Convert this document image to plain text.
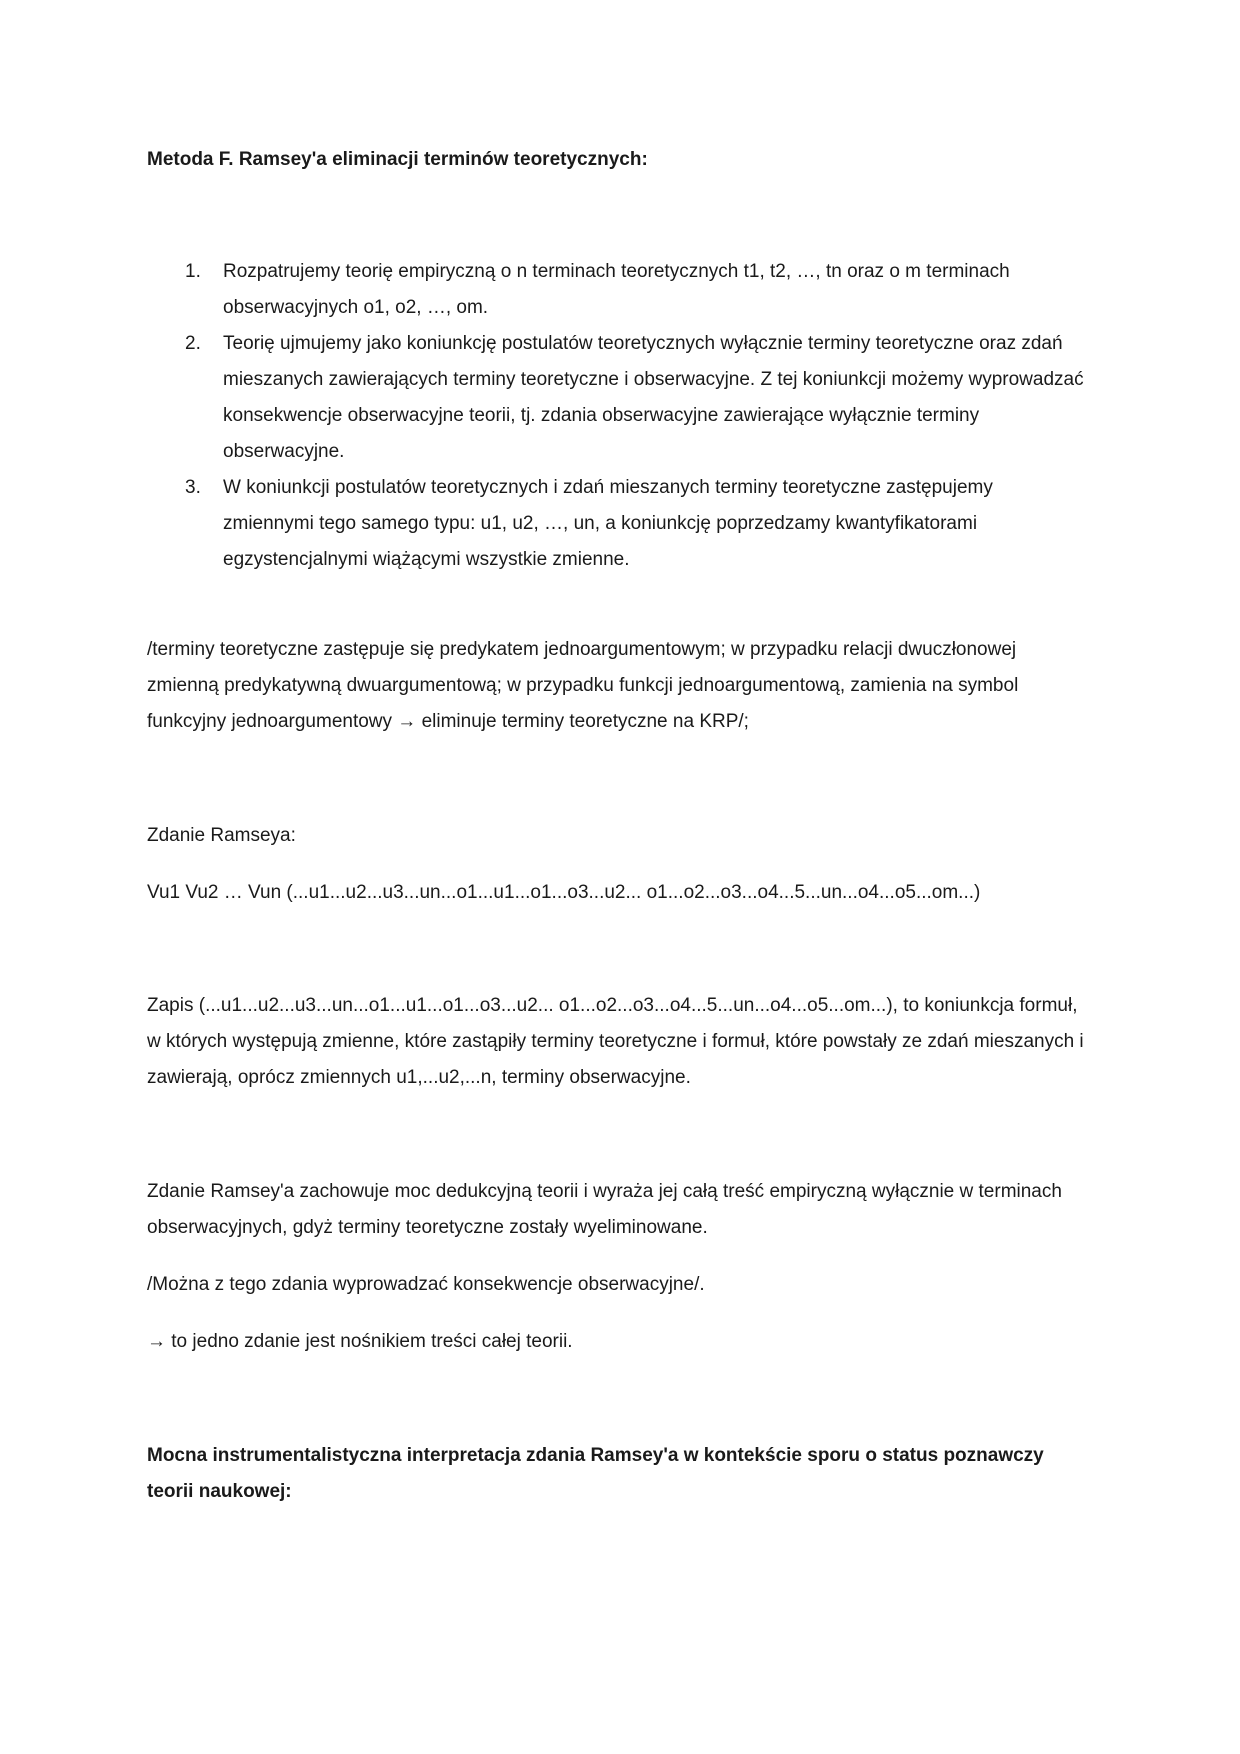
Metoda F. Ramsey'a eliminacji terminów teoretycznych:

1. Rozpatrujemy teorię empiryczną o n terminach teoretycznych t1, t2, …, tn oraz o m terminach obserwacyjnych o1, o2, …, om.
2. Teorię ujmujemy jako koniunkcję postulatów teoretycznych wyłącznie terminy teoretyczne oraz zdań mieszanych zawierających terminy teoretyczne i obserwacyjne. Z tej koniunkcji możemy wyprowadzać konsekwencje obserwacyjne teorii, tj. zdania obserwacyjne zawierające wyłącznie terminy obserwacyjne.
3. W koniunkcji postulatów teoretycznych i zdań mieszanych terminy teoretyczne zastępujemy zmiennymi tego samego typu: u1, u2, …, un, a koniunkcję poprzedzamy kwantyfikatorami egzystencjalnymi wiążącymi wszystkie zmienne.

/terminy teoretyczne zastępuje się predykatem jednoargumentowym; w przypadku relacji dwuczłonowej zmienną predykatywną dwuargumentową; w przypadku funkcji jednoargumentową, zamienia na symbol funkcyjny jednoargumentowy → eliminuje terminy teoretyczne na KRP/;

Zdanie Ramseya:

Vu1 Vu2 … Vun (...u1...u2...u3...un...o1...u1...o1...o3...u2... o1...o2...o3...o4...5...un...o4...o5...om...)

Zapis (...u1...u2...u3...un...o1...u1...o1...o3...u2... o1...o2...o3...o4...5...un...o4...o5...om...), to koniunkcja formuł, w których występują zmienne, które zastąpiły terminy teoretyczne i formuł, które powstały ze zdań mieszanych i zawierają, oprócz zmiennych u1,...u2,...n, terminy obserwacyjne.

Zdanie Ramsey'a zachowuje moc dedukcyjną teorii i wyraża jej całą treść empiryczną wyłącznie w terminach obserwacyjnych, gdyż terminy teoretyczne zostały wyeliminowane.

/Można z tego zdania wyprowadzać konsekwencje obserwacyjne/.

→ to jedno zdanie jest nośnikiem treści całej teorii.

Mocna instrumentalistyczna interpretacja zdania Ramsey'a w kontekście sporu o status poznawczy teorii naukowej:
